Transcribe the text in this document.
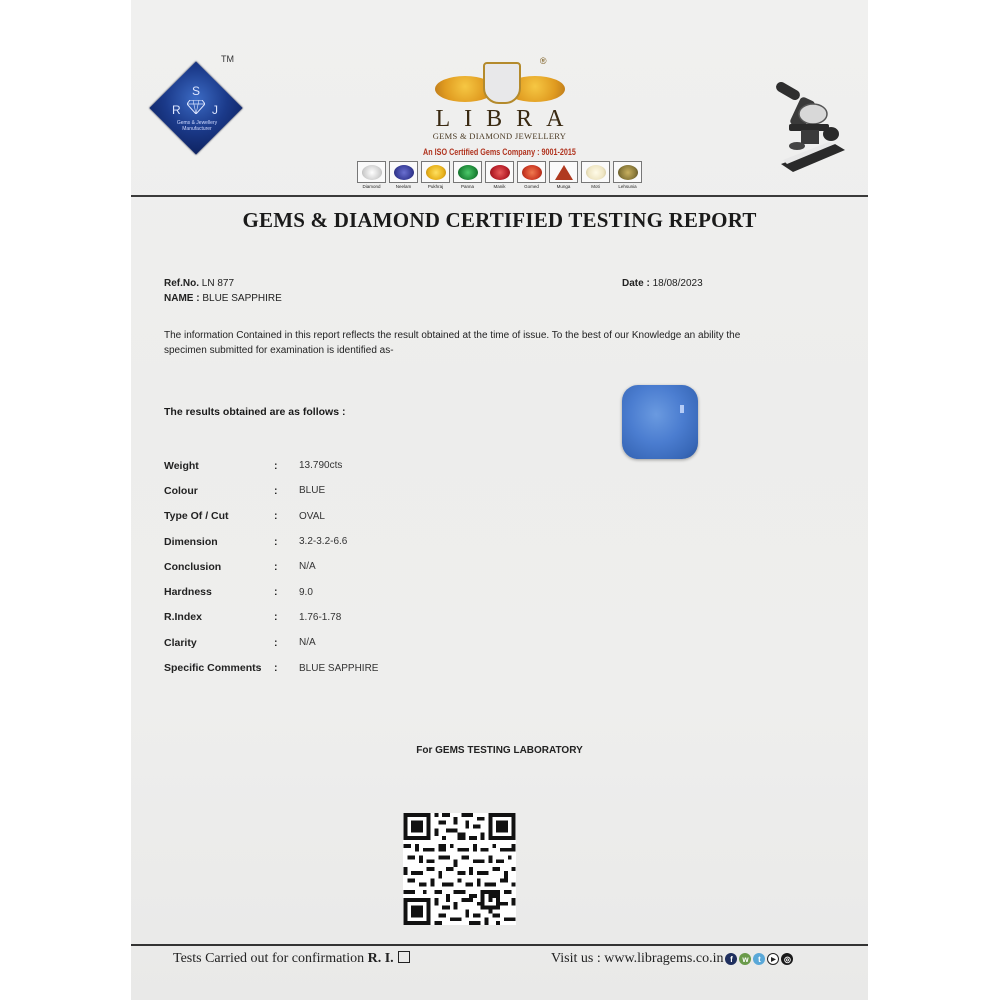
TM
S
R	J
Gems & Jewellery Manufacturer
®
LIBRA
GEMS & DIAMOND JEWELLERY
An ISO Certified Gems Company : 9001-2015
Diamond	Neelam	Pukhraj	Panna	Manik	Gomed	Munga	Moti	Lehsunia
GEMS & DIAMOND CERTIFIED TESTING REPORT
Ref.No. LN 877
NAME : BLUE SAPPHIRE
Date : 18/08/2023
The information Contained in this report reflects the result obtained at the time of issue. To the best of our Knowledge an ability the specimen submitted for examination is identified as-
The results obtained are as follows :
Weight	:	13.790cts
Colour	:	BLUE
Type Of / Cut	:	OVAL
Dimension	:	3.2-3.2-6.6
Conclusion	:	N/A
Hardness	:	9.0
R.Index	:	1.76-1.78
Clarity	:	N/A
Specific Comments	:	BLUE SAPPHIRE
For GEMS TESTING LABORATORY
Tests Carried out for confirmation R. I.	Visit us : www.libragems.co.in f	w	t	▶	◎
